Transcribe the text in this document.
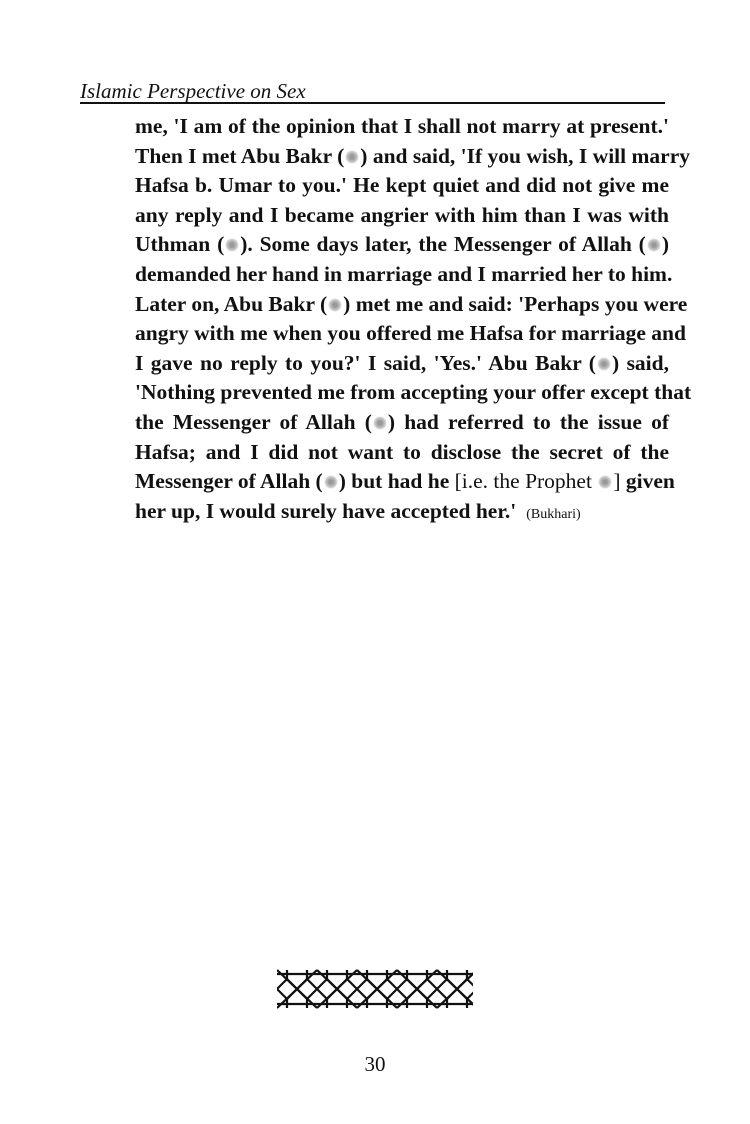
Islamic Perspective on Sex
me, 'I am of the opinion that I shall not marry at present.'
Then I met Abu Bakr ( ) and said, 'If you wish, I will marry
Hafsa b. Umar to you.' He kept quiet and did not give me
any reply and I became angrier with him than I was with
Uthman ( ). Some days later, the Messenger of Allah ( )
demanded her hand in marriage and I married her to him.
Later on, Abu Bakr ( ) met me and said: 'Perhaps you were
angry with me when you offered me Hafsa for marriage and
I gave no reply to you?' I said, 'Yes.' Abu Bakr ( ) said,
'Nothing prevented me from accepting your offer except that
the Messenger of Allah ( ) had referred to the issue of
Hafsa; and I did not want to disclose the secret of the
Messenger of Allah ( ) but had he [i.e. the Prophet ] given
her up, I would surely have accepted her.' (Bukhari)
30
